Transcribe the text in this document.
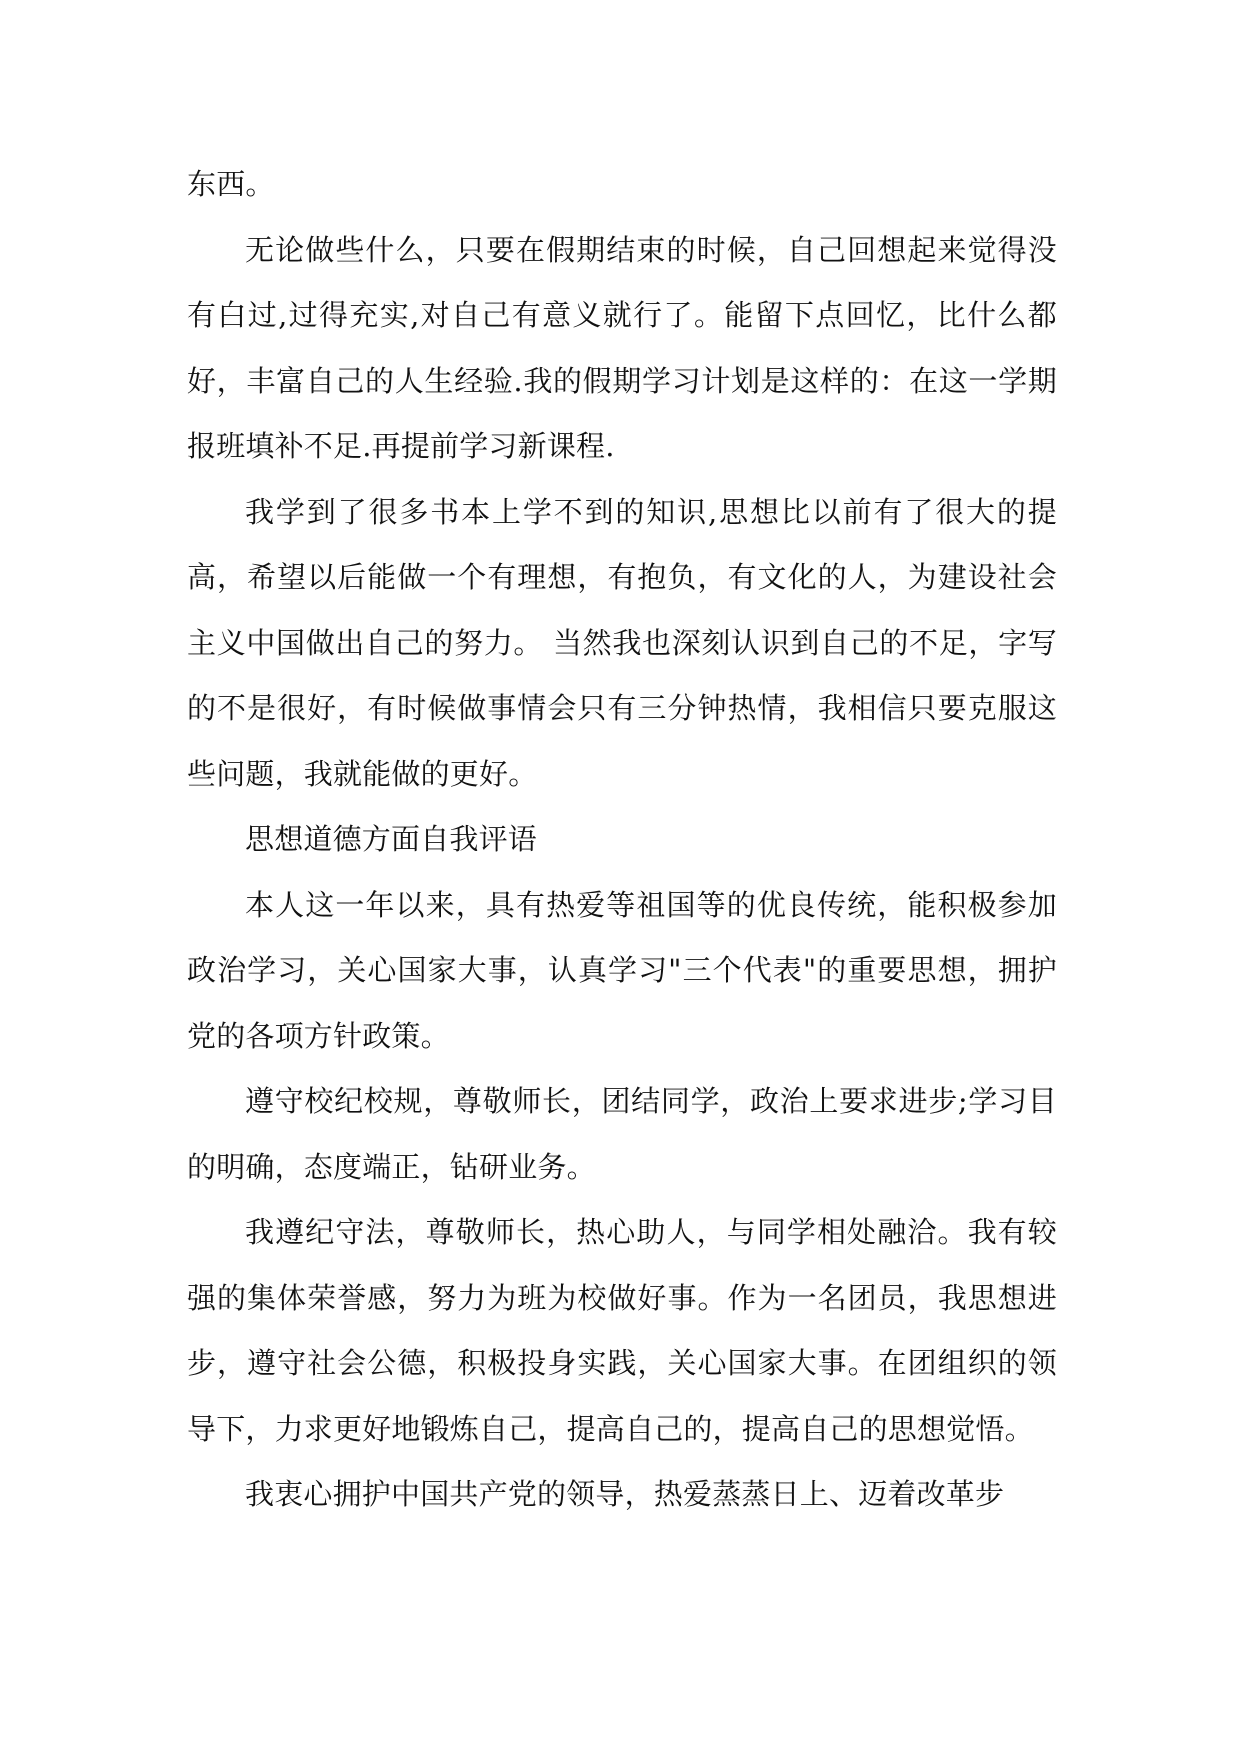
东西。

无论做些什么，只要在假期结束的时候，自己回想起来觉得没有白过,过得充实,对自己有意义就行了。能留下点回忆，比什么都好，丰富自己的人生经验.我的假期学习计划是这样的：在这一学期报班填补不足.再提前学习新课程.

我学到了很多书本上学不到的知识,思想比以前有了很大的提高，希望以后能做一个有理想，有抱负，有文化的人，为建设社会主义中国做出自己的努力。 当然我也深刻认识到自己的不足，字写的不是很好，有时候做事情会只有三分钟热情，我相信只要克服这些问题，我就能做的更好。

思想道德方面自我评语

本人这一年以来，具有热爱等祖国等的优良传统，能积极参加政治学习，关心国家大事，认真学习"三个代表"的重要思想，拥护党的各项方针政策。

遵守校纪校规，尊敬师长，团结同学，政治上要求进步;学习目的明确，态度端正，钻研业务。

我遵纪守法，尊敬师长，热心助人，与同学相处融洽。我有较强的集体荣誉感，努力为班为校做好事。作为一名团员，我思想进步，遵守社会公德，积极投身实践，关心国家大事。在团组织的领导下，力求更好地锻炼自己，提高自己的，提高自己的思想觉悟。

我衷心拥护中国共产党的领导，热爱蒸蒸日上、迈着改革步
